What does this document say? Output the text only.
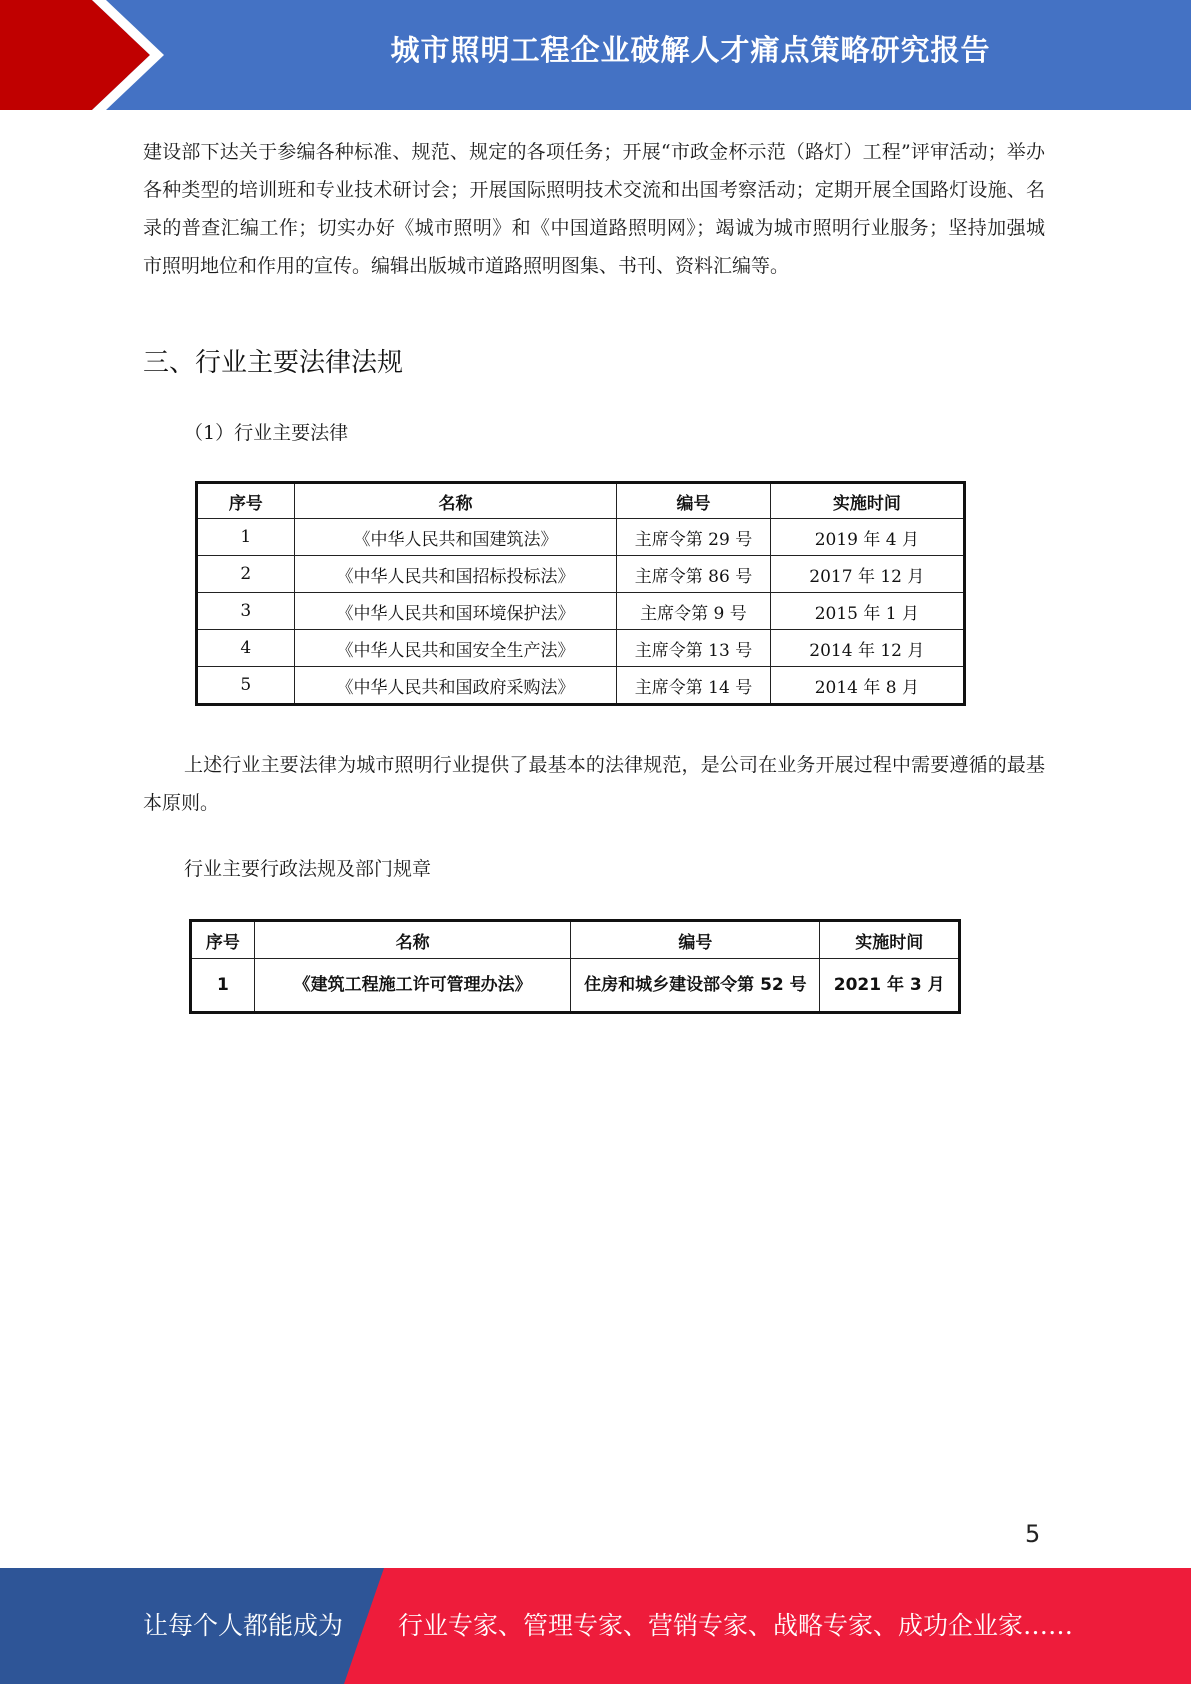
城市照明工程企业破解人才痛点策略研究报告

建设部下达关于参编各种标准、规范、规定的各项任务；开展“市政金杯示范（路灯）工程”评审活动；举办各种类型的培训班和专业技术研讨会；开展国际照明技术交流和出国考察活动；定期开展全国路灯设施、名录的普查汇编工作；切实办好《城市照明》和《中国道路照明网》；竭诚为城市照明行业服务；坚持加强城市照明地位和作用的宣传。编辑出版城市道路照明图集、书刊、资料汇编等。

三、行业主要法律法规

（1）行业主要法律

序号	名称	编号	实施时间
1	《中华人民共和国建筑法》	主席令第 29 号	2019 年 4 月
2	《中华人民共和国招标投标法》	主席令第 86 号	2017 年 12 月
3	《中华人民共和国环境保护法》	主席令第 9 号	2015 年 1 月
4	《中华人民共和国安全生产法》	主席令第 13 号	2014 年 12 月
5	《中华人民共和国政府采购法》	主席令第 14 号	2014 年 8 月

上述行业主要法律为城市照明行业提供了最基本的法律规范，是公司在业务开展过程中需要遵循的最基本原则。

行业主要行政法规及部门规章

序号	名称	编号	实施时间
1	《建筑工程施工许可管理办法》	住房和城乡建设部令第 52 号	2021 年 3 月
5
让每个人都能成为 行业专家、管理专家、营销专家、战略专家、成功企业家……
